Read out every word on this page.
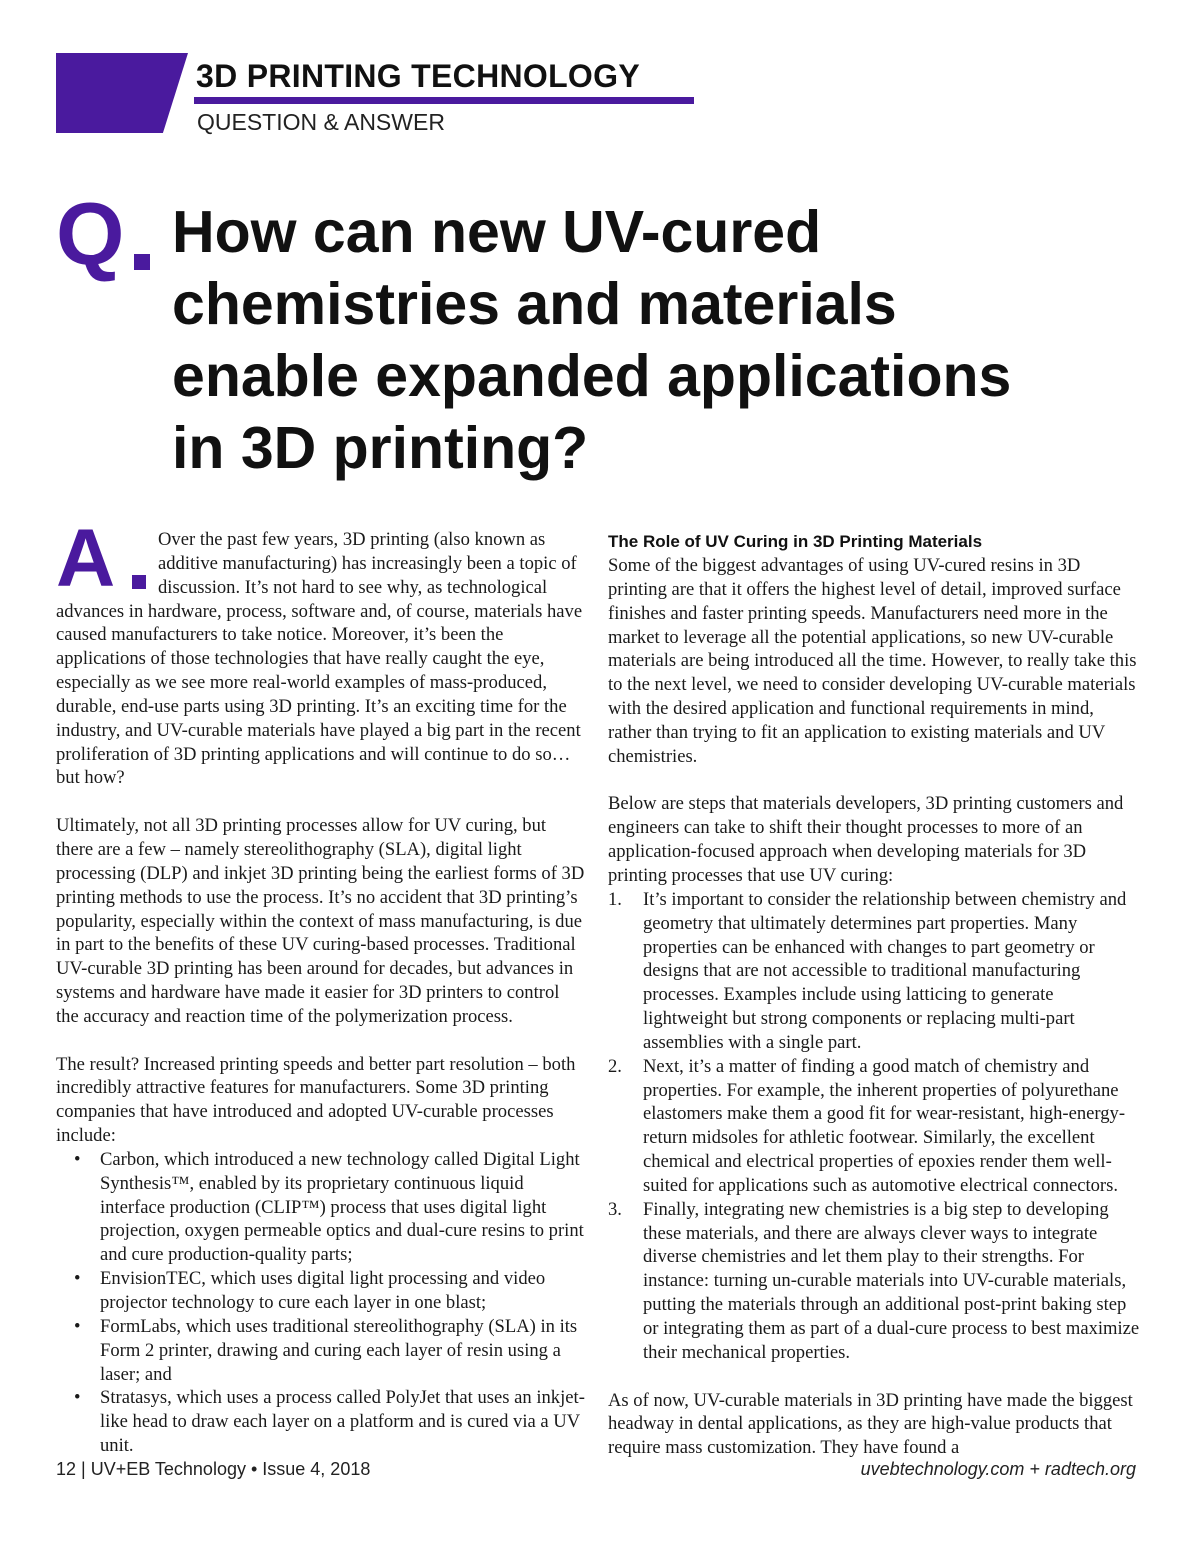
3D PRINTING TECHNOLOGY
QUESTION & ANSWER
Q How can new UV-cured chemistries and materials enable expanded applications in 3D printing?

A Over the past few years, 3D printing (also known as additive manufacturing) has increasingly been a topic of discussion. It’s not hard to see why, as technological advances in hardware, process, software and, of course, materials have caused manufacturers to take notice. Moreover, it’s been the applications of those technologies that have really caught the eye, especially as we see more real-world examples of mass-produced, durable, end-use parts using 3D printing. It’s an exciting time for the industry, and UV-curable materials have played a big part in the recent proliferation of 3D printing applications and will continue to do so… but how?

Ultimately, not all 3D printing processes allow for UV curing, but there are a few – namely stereolithography (SLA), digital light processing (DLP) and inkjet 3D printing being the earliest forms of 3D printing methods to use the process. It’s no accident that 3D printing’s popularity, especially within the context of mass manufacturing, is due in part to the benefits of these UV curing-based processes. Traditional UV-curable 3D printing has been around for decades, but advances in systems and hardware have made it easier for 3D printers to control the accuracy and reaction time of the polymerization process.

The result? Increased printing speeds and better part resolution – both incredibly attractive features for manufacturers. Some 3D printing companies that have introduced and adopted UV-curable processes include:

• Carbon, which introduced a new technology called Digital Light Synthesis™, enabled by its proprietary continuous liquid interface production (CLIP™) process that uses digital light projection, oxygen permeable optics and dual-cure resins to print and cure production-quality parts;
• EnvisionTEC, which uses digital light processing and video projector technology to cure each layer in one blast;
• FormLabs, which uses traditional stereolithography (SLA) in its Form 2 printer, drawing and curing each layer of resin using a laser; and
• Stratasys, which uses a process called PolyJet that uses an inkjet-like head to draw each layer on a platform and is cured via a UV unit.
The Role of UV Curing in 3D Printing Materials

Some of the biggest advantages of using UV-cured resins in 3D printing are that it offers the highest level of detail, improved surface finishes and faster printing speeds. Manufacturers need more in the market to leverage all the potential applications, so new UV-curable materials are being introduced all the time. However, to really take this to the next level, we need to consider developing UV-curable materials with the desired application and functional requirements in mind, rather than trying to fit an application to existing materials and UV chemistries.

Below are steps that materials developers, 3D printing customers and engineers can take to shift their thought processes to more of an application-focused approach when developing materials for 3D printing processes that use UV curing:

1. It’s important to consider the relationship between chemistry and geometry that ultimately determines part properties. Many properties can be enhanced with changes to part geometry or designs that are not accessible to traditional manufacturing processes. Examples include using latticing to generate lightweight but strong components or replacing multi-part assemblies with a single part.
2. Next, it’s a matter of finding a good match of chemistry and properties. For example, the inherent properties of polyurethane elastomers make them a good fit for wear-resistant, high-energy-return midsoles for athletic footwear. Similarly, the excellent chemical and electrical properties of epoxies render them well-suited for applications such as automotive electrical connectors.
3. Finally, integrating new chemistries is a big step to developing these materials, and there are always clever ways to integrate diverse chemistries and let them play to their strengths. For instance: turning un-curable materials into UV-curable materials, putting the materials through an additional post-print baking step or integrating them as part of a dual-cure process to best maximize their mechanical properties.

As of now, UV-curable materials in 3D printing have made the biggest headway in dental applications, as they are high-value products that require mass customization. They have found a

12 | UV+EB Technology • Issue 4, 2018	uvebtechnology.com + radtech.org
